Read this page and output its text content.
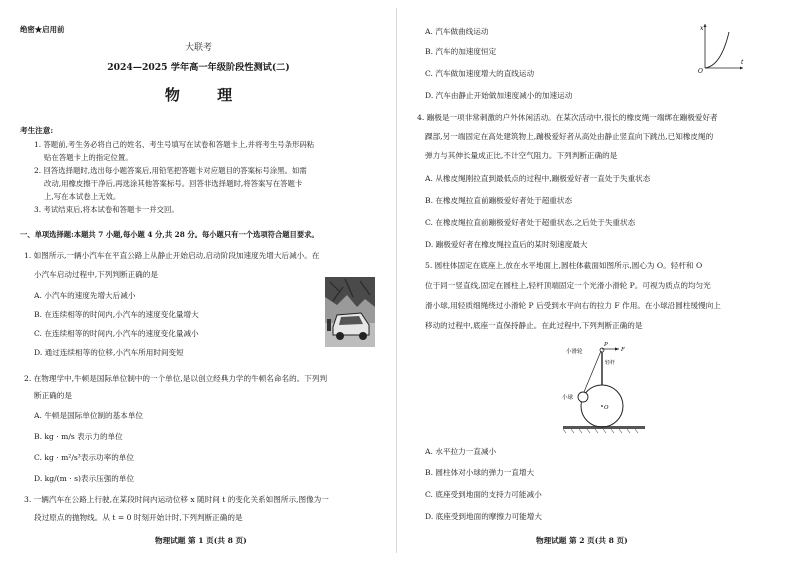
绝密★启用前
大联考
2024—2025 学年高一年级阶段性测试(二)
物 理
考生注意:
1. 答题前,考生务必将自己的姓名、考生号填写在试卷和答题卡上,并将考生号条形码粘
贴在答题卡上的指定位置。
2. 回答选择题时,选出每小题答案后,用铅笔把答题卡对应题目的答案标号涂黑。如需
改动,用橡皮擦干净后,再选涂其他答案标号。回答非选择题时,将答案写在答题卡
上,写在本试卷上无效。
3. 考试结束后,将本试卷和答题卡一并交回。
一、单项选择题:本题共 7 小题,每小题 4 分,共 28 分。每小题只有一个选项符合题目要求。
1. 如图所示,一辆小汽车在平直公路上从静止开始启动,启动阶段加速度先增大后减小。在
小汽车启动过程中,下列判断正确的是
A. 小汽车的速度先增大后减小
B. 在连续相等的时间内,小汽车的速度变化量增大
C. 在连续相等的时间内,小汽车的速度变化量减小
D. 通过连续相等的位移,小汽车所用时间变短
2. 在物理学中,牛顿是国际单位制中的一个单位,是以创立经典力学的牛顿名命名的。下列判
断正确的是
A. 牛顿是国际单位制的基本单位
B. kg · m/s 表示力的单位
C. kg · m²/s³表示功率的单位
D. kg/(m · s)表示压强的单位
3. 一辆汽车在公路上行驶,在某段时间内运动位移 x 随时间 t 的变化关系如图所示,图像为一
段过原点的抛物线。从 t = 0 时刻开始计时,下列判断正确的是
物理试题 第 1 页(共 8 页)
A. 汽车做曲线运动
B. 汽车的加速度恒定
C. 汽车做加速度增大的直线运动
D. 汽车由静止开始做加速度减小的加速运动
x
t
O
4. 蹦极是一项非常刺激的户外休闲活动。在某次活动中,很长的橡皮绳一端绑在蹦极爱好者
踝部,另一端固定在高处建筑物上,蹦极爱好者从高处由静止竖直向下跳出,已知橡皮绳的
弹力与其伸长量成正比,不计空气阻力。下列判断正确的是
A. 从橡皮绳刚拉直到最低点的过程中,蹦极爱好者一直处于失重状态
B. 在橡皮绳拉直前蹦极爱好者处于超重状态
C. 在橡皮绳拉直前蹦极爱好者处于超重状态,之后处于失重状态
D. 蹦极爱好者在橡皮绳拉直后的某时刻速度最大
5. 圆柱体固定在底座上,放在水平地面上,圆柱体截面如图所示,圆心为 O。轻杆和 O
位于同一竖直线,固定在圆柱上,轻杆顶端固定一个光滑小滑轮 P。可视为质点的均匀光
滑小球,用轻质细绳绕过小滑轮 P 后受到水平向右的拉力 F 作用。在小球沿圆柱缓慢向上
移动的过程中,底座一直保持静止。在此过程中,下列判断正确的是
小滑轮
P
F
轻杆
小球
O
A. 水平拉力一直减小
B. 圆柱体对小球的弹力一直增大
C. 底座受到地面的支持力可能减小
D. 底座受到地面的摩擦力可能增大
物理试题 第 2 页(共 8 页)
